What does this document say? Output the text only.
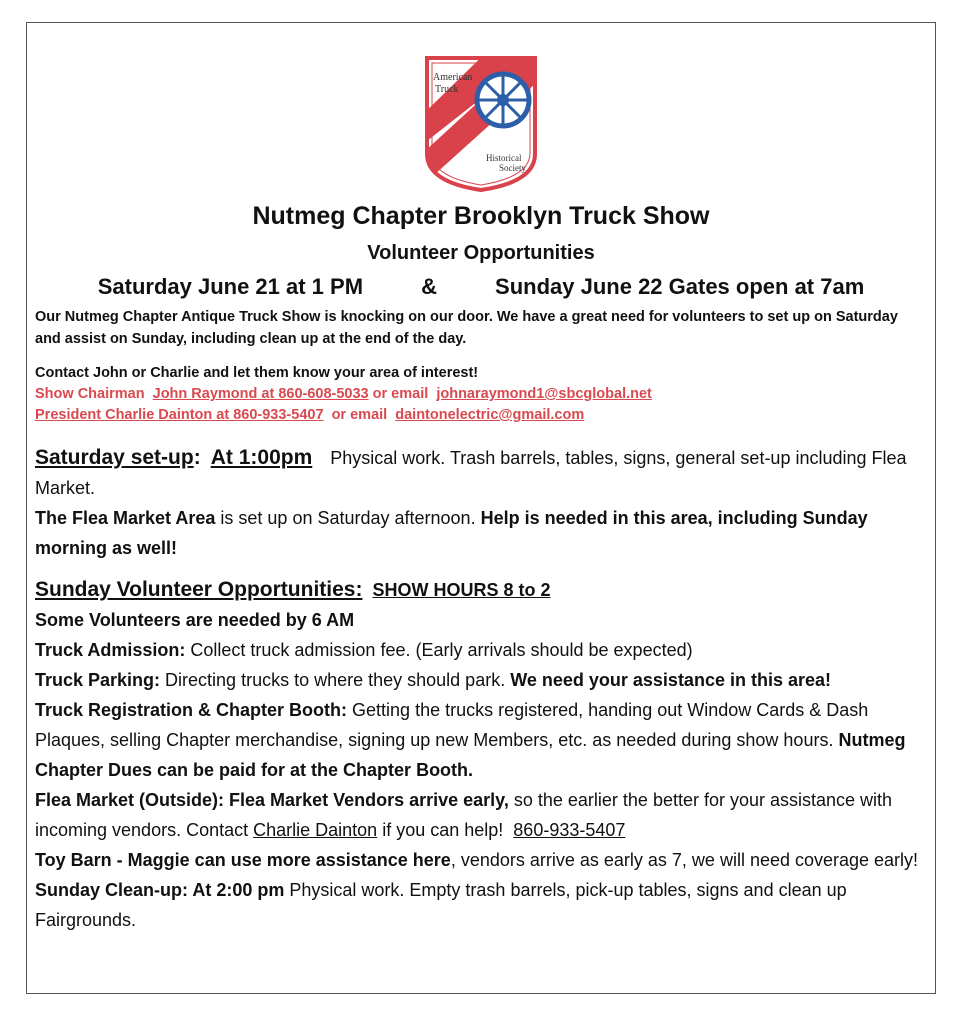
American
Truck
Historical
Society
Nutmeg Chapter Brooklyn Truck Show
Volunteer Opportunities
Saturday June 21 at 1 PM	&	Sunday June 22 Gates open at 7am
Our Nutmeg Chapter Antique Truck Show is knocking on our door. We have a great need for volunteers to set up on Saturday and assist on Sunday, including clean up at the end of the day.

Contact John or Charlie and let them know your area of interest!

Show Chairman John Raymond at 860-608-5033 or email johnaraymond1@sbcglobal.net

President Charlie Dainton at 860-933-5407 or email daintonelectric@gmail.com

Saturday set-up: At 1:00pm Physical work. Trash barrels, tables, signs, general set-up including Flea Market.

The Flea Market Area is set up on Saturday afternoon. Help is needed in this area, including Sunday morning as well!

Sunday Volunteer Opportunities: SHOW HOURS 8 to 2

Some Volunteers are needed by 6 AM

Truck Admission: Collect truck admission fee. (Early arrivals should be expected)

Truck Parking: Directing trucks to where they should park. We need your assistance in this area!

Truck Registration & Chapter Booth: Getting the trucks registered, handing out Window Cards & Dash Plaques, selling Chapter merchandise, signing up new Members, etc. as needed during show hours. Nutmeg Chapter Dues can be paid for at the Chapter Booth.

Flea Market (Outside): Flea Market Vendors arrive early, so the earlier the better for your assistance with incoming vendors. Contact Charlie Dainton if you can help!  860-933-5407

Toy Barn - Maggie can use more assistance here, vendors arrive as early as 7, we will need coverage early!

Sunday Clean-up: At 2:00 pm Physical work. Empty trash barrels, pick-up tables, signs and clean up Fairgrounds.
